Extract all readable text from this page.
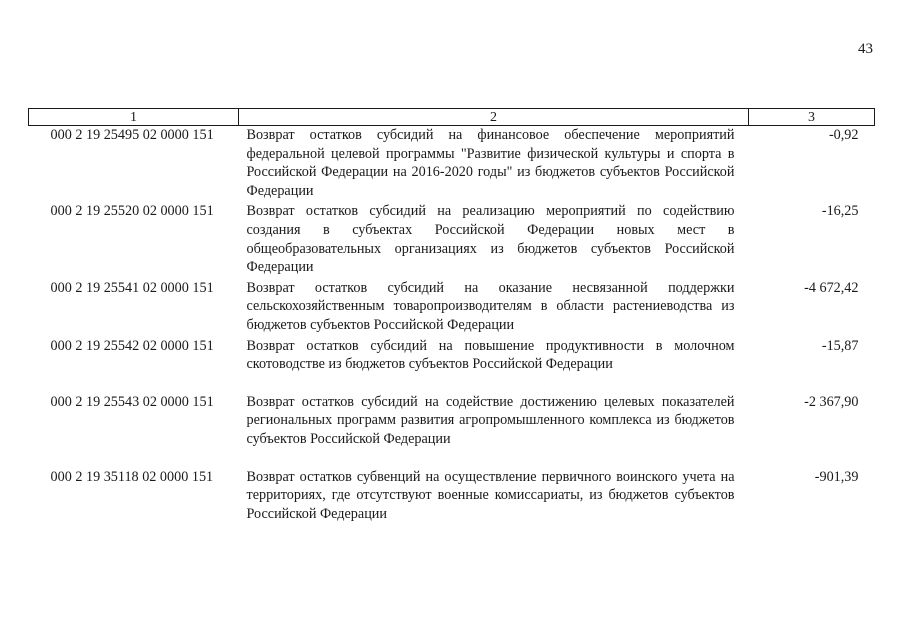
43
1	2	3
000 2 19 25495 02 0000 151	Возврат остатков субсидий на финансовое обеспечение мероприятий федеральной целевой программы "Развитие физической культуры и спорта в Российской Федерации на 2016-2020 годы" из бюджетов субъектов Российской Федерации	-0,92
000 2 19 25520 02 0000 151	Возврат остатков субсидий на реализацию мероприятий по содействию создания в субъектах Российской Федерации новых мест в общеобразовательных организациях из бюджетов субъектов Российской Федерации	-16,25
000 2 19 25541 02 0000 151	Возврат остатков субсидий на оказание несвязанной поддержки сельскохозяйственным товаропроизводителям в области растениеводства из бюджетов субъектов Российской Федерации	-4 672,42
000 2 19 25542 02 0000 151	Возврат остатков субсидий на повышение продуктивности в молочном скотоводстве из бюджетов субъектов Российской Федерации	-15,87
000 2 19 25543 02 0000 151	Возврат остатков субсидий на содействие достижению целевых показателей региональных программ развития агропромышленного комплекса из бюджетов субъектов Российской Федерации	-2 367,90
000 2 19 35118 02 0000 151	Возврат остатков субвенций на осуществление первичного воинского учета на территориях, где отсутствуют военные комиссариаты, из бюджетов субъектов Российской Федерации	-901,39
